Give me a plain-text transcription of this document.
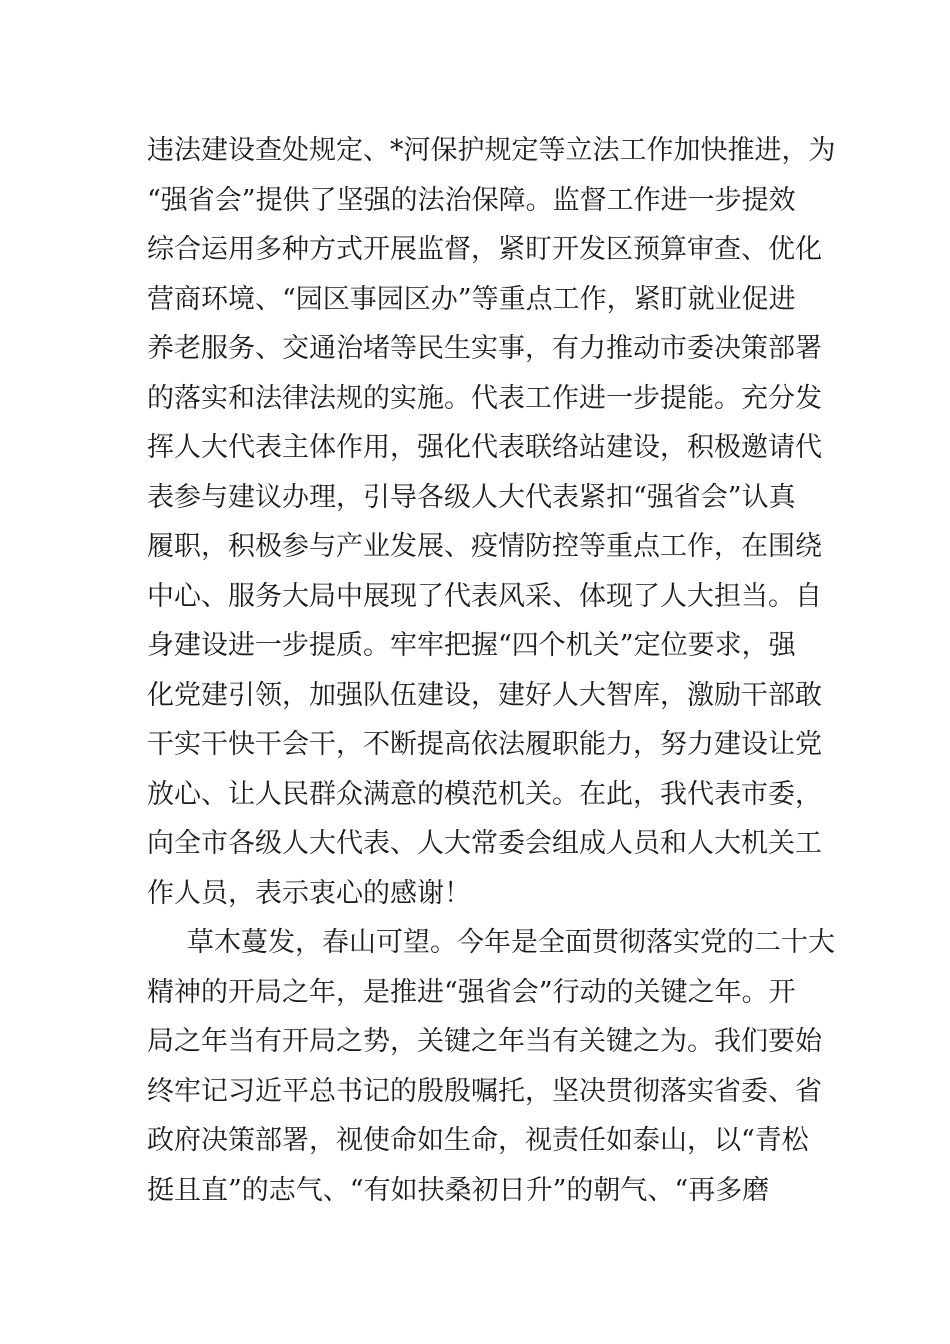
违法建设查处规定、*河保护规定等立法工作加快推进，为
“强省会”提供了坚强的法治保障。监督工作进一步提效
综合运用多种方式开展监督，紧盯开发区预算审查、优化
营商环境、“园区事园区办”等重点工作，紧盯就业促进
养老服务、交通治堵等民生实事，有力推动市委决策部署
的落实和法律法规的实施。代表工作进一步提能。充分发
挥人大代表主体作用，强化代表联络站建设，积极邀请代
表参与建议办理，引导各级人大代表紧扣“强省会”认真
履职，积极参与产业发展、疫情防控等重点工作，在围绕
中心、服务大局中展现了代表风采、体现了人大担当。自
身建设进一步提质。牢牢把握“四个机关”定位要求，强
化党建引领，加强队伍建设，建好人大智库，激励干部敢
干实干快干会干，不断提高依法履职能力，努力建设让党
放心、让人民群众满意的模范机关。在此，我代表市委，
向全市各级人大代表、人大常委会组成人员和人大机关工
作人员，表示衷心的感谢！
草木蔓发，春山可望。今年是全面贯彻落实党的二十大
精神的开局之年，是推进“强省会”行动的关键之年。开
局之年当有开局之势，关键之年当有关键之为。我们要始
终牢记习近平总书记的殷殷嘱托，坚决贯彻落实省委、省
政府决策部署，视使命如生命，视责任如泰山，以“青松
挺且直”的志气、“有如扶桑初日升”的朝气、“再多磨
